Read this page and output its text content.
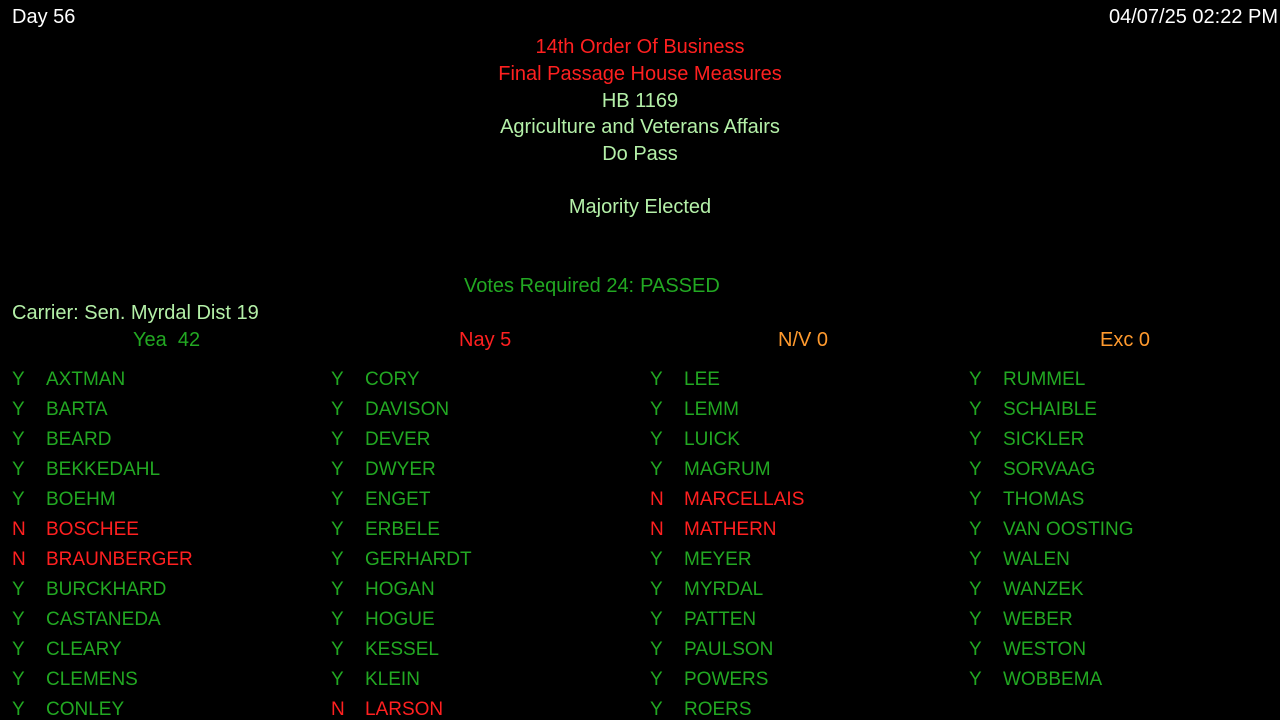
Day 56	04/07/25 02:22 PM
14th Order Of Business
Final Passage House Measures
HB 1169
Agriculture and Veterans Affairs
Do Pass
Majority Elected
Votes Required 24: PASSED
Carrier: Sen. Myrdal Dist 19
Yea  42	Nay 5	N/V 0	Exc 0
Y AXTMAN
Y BARTA
Y BEARD
Y BEKKEDAHL
Y BOEHM
N BOSCHEE
N BRAUNBERGER
Y BURCKHARD
Y CASTANEDA
Y CLEARY
Y CLEMENS
Y CONLEY
Y CORY
Y DAVISON
Y DEVER
Y DWYER
Y ENGET
Y ERBELE
Y GERHARDT
Y HOGAN
Y HOGUE
Y KESSEL
Y KLEIN
N LARSON
Y LEE
Y LEMM
Y LUICK
Y MAGRUM
N MARCELLAIS
N MATHERN
Y MEYER
Y MYRDAL
Y PATTEN
Y PAULSON
Y POWERS
Y ROERS
Y RUMMEL
Y SCHAIBLE
Y SICKLER
Y SORVAAG
Y THOMAS
Y VAN OOSTING
Y WALEN
Y WANZEK
Y WEBER
Y WESTON
Y WOBBEMA
